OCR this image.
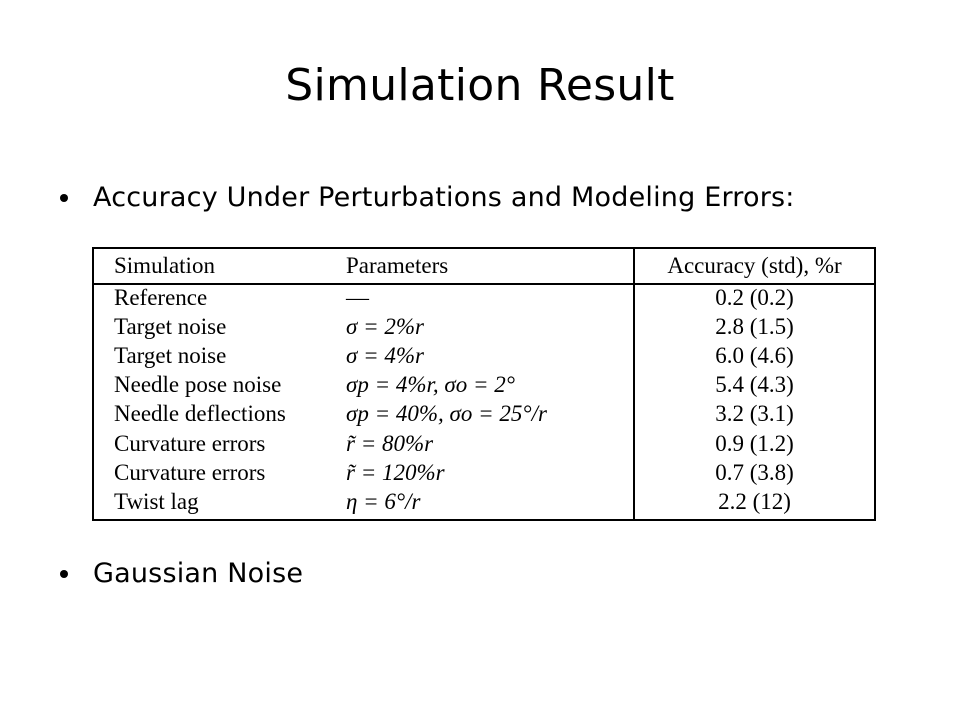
Simulation Result
Accuracy Under Perturbations and Modeling Errors:
Simulation	Parameters	Accuracy (std), %r
Reference	—	0.2 (0.2)
Target noise	σ = 2%r	2.8 (1.5)
Target noise	σ = 4%r	6.0 (4.6)
Needle pose noise	σp = 4%r, σo = 2°	5.4 (4.3)
Needle deflections	σp = 40%, σo = 25°/r	3.2 (3.1)
Curvature errors	r̃ = 80%r	0.9 (1.2)
Curvature errors	r̃ = 120%r	0.7 (3.8)
Twist lag	η = 6°/r	2.2 (12)
Gaussian Noise
